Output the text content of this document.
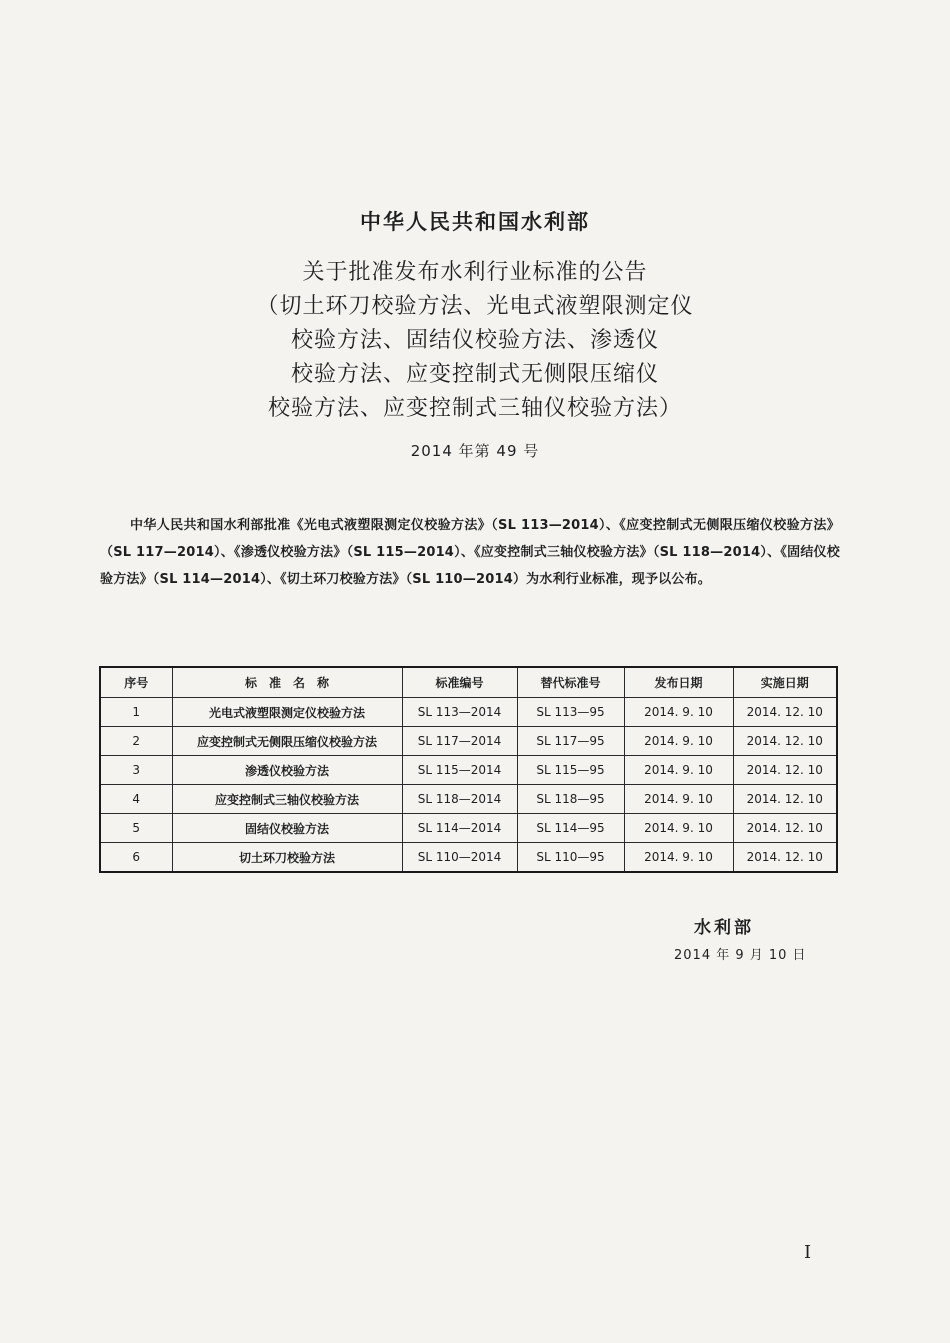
中华人民共和国水利部
关于批准发布水利行业标准的公告
（切土环刀校验方法、光电式液塑限测定仪
校验方法、固结仪校验方法、渗透仪
校验方法、应变控制式无侧限压缩仪
校验方法、应变控制式三轴仪校验方法）
2014 年第 49 号
中华人民共和国水利部批准《光电式液塑限测定仪校验方法》（SL 113—2014）、《应变控制式无侧限压缩仪校验方法》（SL 117—2014）、《渗透仪校验方法》（SL 115—2014）、《应变控制式三轴仪校验方法》（SL 118—2014）、《固结仪校验方法》（SL 114—2014）、《切土环刀校验方法》（SL 110—2014）为水利行业标准，现予以公布。
序号	标　准　名　称	标准编号	替代标准号	发布日期	实施日期
1	光电式液塑限测定仪校验方法	SL 113—2014	SL 113—95	2014. 9. 10	2014. 12. 10
2	应变控制式无侧限压缩仪校验方法	SL 117—2014	SL 117—95	2014. 9. 10	2014. 12. 10
3	渗透仪校验方法	SL 115—2014	SL 115—95	2014. 9. 10	2014. 12. 10
4	应变控制式三轴仪校验方法	SL 118—2014	SL 118—95	2014. 9. 10	2014. 12. 10
5	固结仪校验方法	SL 114—2014	SL 114—95	2014. 9. 10	2014. 12. 10
6	切土环刀校验方法	SL 110—2014	SL 110—95	2014. 9. 10	2014. 12. 10
水利部
2014 年 9 月 10 日
I
